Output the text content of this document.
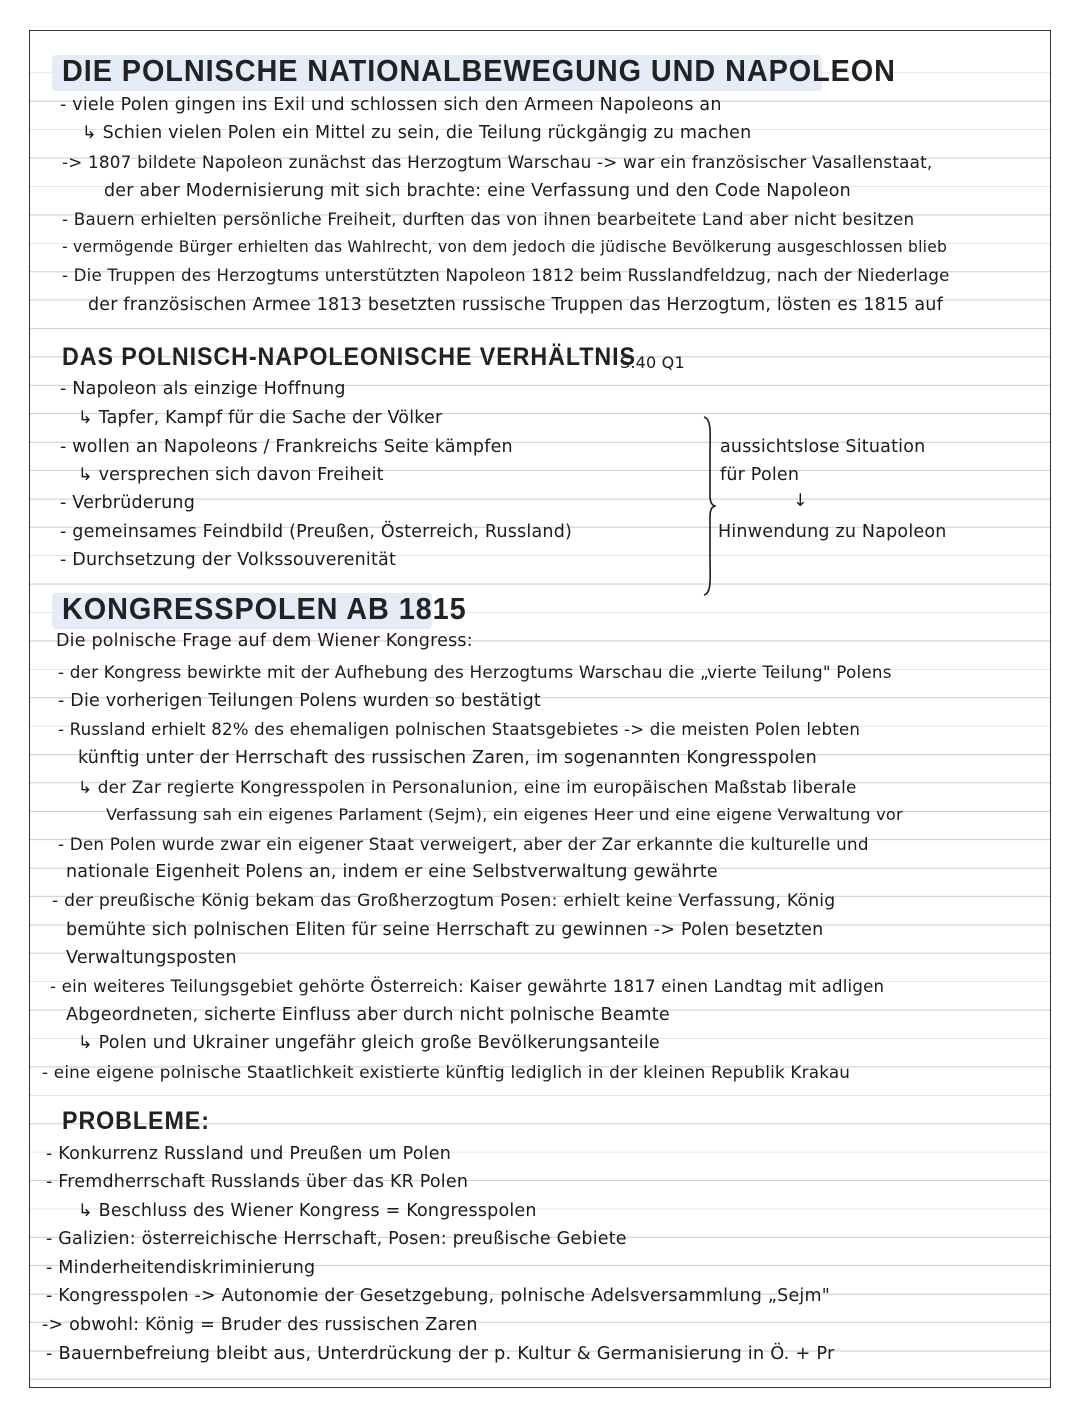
DIE POLNISCHE NATIONALBEWEGUNG UND NAPOLEON
- viele Polen gingen ins Exil und schlossen sich den Armeen Napoleons an
↳ Schien vielen Polen ein Mittel zu sein, die Teilung rückgängig zu machen
-> 1807 bildete Napoleon zunächst das Herzogtum Warschau -> war ein französischer Vasallenstaat,
der aber Modernisierung mit sich brachte: eine Verfassung und den Code Napoleon
- Bauern erhielten persönliche Freiheit, durften das von ihnen bearbeitete Land aber nicht besitzen
- vermögende Bürger erhielten das Wahlrecht, von dem jedoch die jüdische Bevölkerung ausgeschlossen blieb
- Die Truppen des Herzogtums unterstützten Napoleon 1812 beim Russlandfeldzug, nach der Niederlage
der französischen Armee 1813 besetzten russische Truppen das Herzogtum, lösten es 1815 auf
DAS POLNISCH-NAPOLEONISCHE VERHÄLTNIS
S.40 Q1
- Napoleon als einzige Hoffnung
↳ Tapfer, Kampf für die Sache der Völker
- wollen an Napoleons / Frankreichs Seite kämpfen
↳ versprechen sich davon Freiheit
- Verbrüderung
- gemeinsames Feindbild (Preußen, Österreich, Russland)
- Durchsetzung der Volkssouverenität
aussichtslose Situation
für Polen
↓
Hinwendung zu Napoleon
KONGRESSPOLEN AB 1815
Die polnische Frage auf dem Wiener Kongress:
- der Kongress bewirkte mit der Aufhebung des Herzogtums Warschau die „vierte Teilung" Polens
- Die vorherigen Teilungen Polens wurden so bestätigt
- Russland erhielt 82% des ehemaligen polnischen Staatsgebietes -> die meisten Polen lebten
künftig unter der Herrschaft des russischen Zaren, im sogenannten Kongresspolen
↳ der Zar regierte Kongresspolen in Personalunion, eine im europäischen Maßstab liberale
Verfassung sah ein eigenes Parlament (Sejm), ein eigenes Heer und eine eigene Verwaltung vor
- Den Polen wurde zwar ein eigener Staat verweigert, aber der Zar erkannte die kulturelle und
nationale Eigenheit Polens an, indem er eine Selbstverwaltung gewährte
- der preußische König bekam das Großherzogtum Posen: erhielt keine Verfassung, König
bemühte sich polnischen Eliten für seine Herrschaft zu gewinnen -> Polen besetzten
Verwaltungsposten
- ein weiteres Teilungsgebiet gehörte Österreich: Kaiser gewährte 1817 einen Landtag mit adligen
Abgeordneten, sicherte Einfluss aber durch nicht polnische Beamte
↳ Polen und Ukrainer ungefähr gleich große Bevölkerungsanteile
- eine eigene polnische Staatlichkeit existierte künftig lediglich in der kleinen Republik Krakau
PROBLEME:
- Konkurrenz Russland und Preußen um Polen
- Fremdherrschaft Russlands über das KR Polen
↳ Beschluss des Wiener Kongress = Kongresspolen
- Galizien: österreichische Herrschaft, Posen: preußische Gebiete
- Minderheitendiskriminierung
- Kongresspolen -> Autonomie der Gesetzgebung, polnische Adelsversammlung „Sejm"
-> obwohl: König = Bruder des russischen Zaren
- Bauernbefreiung bleibt aus, Unterdrückung der p. Kultur & Germanisierung in Ö. + Pr
